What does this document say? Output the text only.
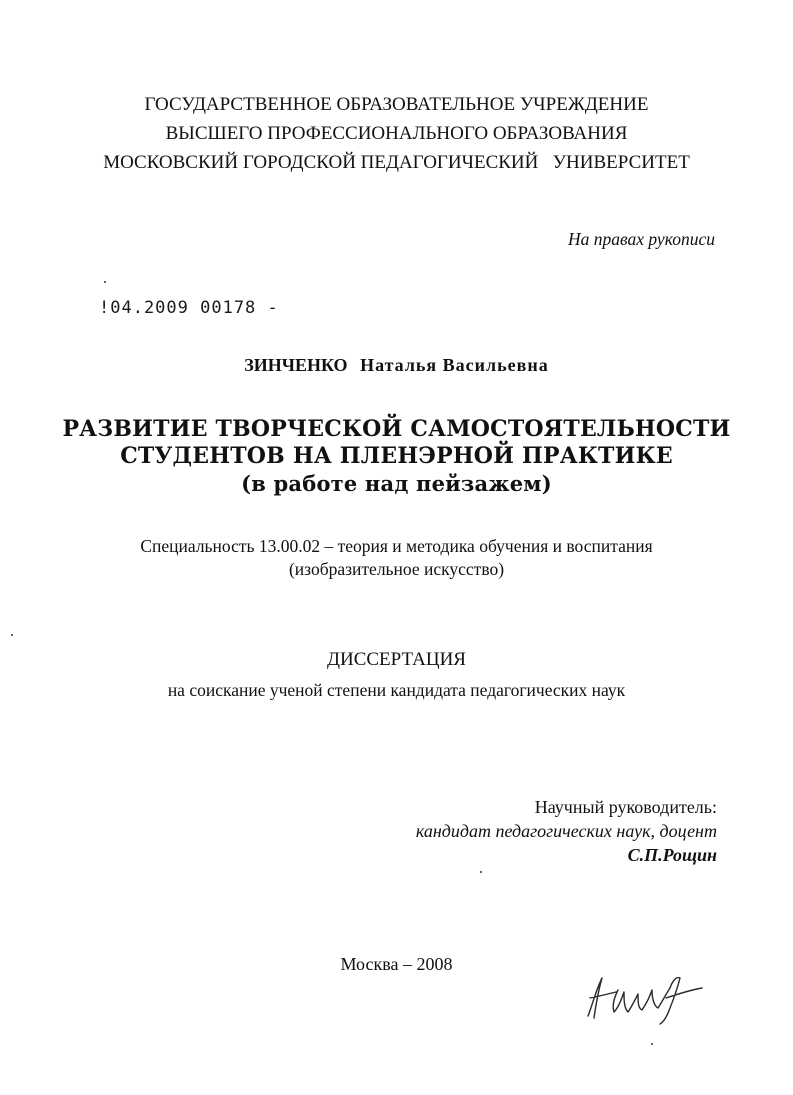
ГОСУДАРСТВЕННОЕ ОБРАЗОВАТЕЛЬНОЕ УЧРЕЖДЕНИЕ
ВЫСШЕГО ПРОФЕССИОНАЛЬНОГО ОБРАЗОВАНИЯ
МОСКОВСКИЙ ГОРОДСКОЙ ПЕДАГОГИЧЕСКИЙ   УНИВЕРСИТЕТ
На правах рукописи
!04.2009 00178 -
ЗИНЧЕНКО Наталья Васильевна
РАЗВИТИЕ ТВОРЧЕСКОЙ САМОСТОЯТЕЛЬНОСТИ
СТУДЕНТОВ НА ПЛЕНЭРНОЙ ПРАКТИКЕ
(в работе над пейзажем)
Специальность 13.00.02 – теория и методика обучения и воспитания
(изобразительное искусство)
ДИССЕРТАЦИЯ
на соискание ученой степени кандидата педагогических наук
Научный руководитель:
кандидат педагогических наук, доцент
С.П.Рощин
Москва – 2008
